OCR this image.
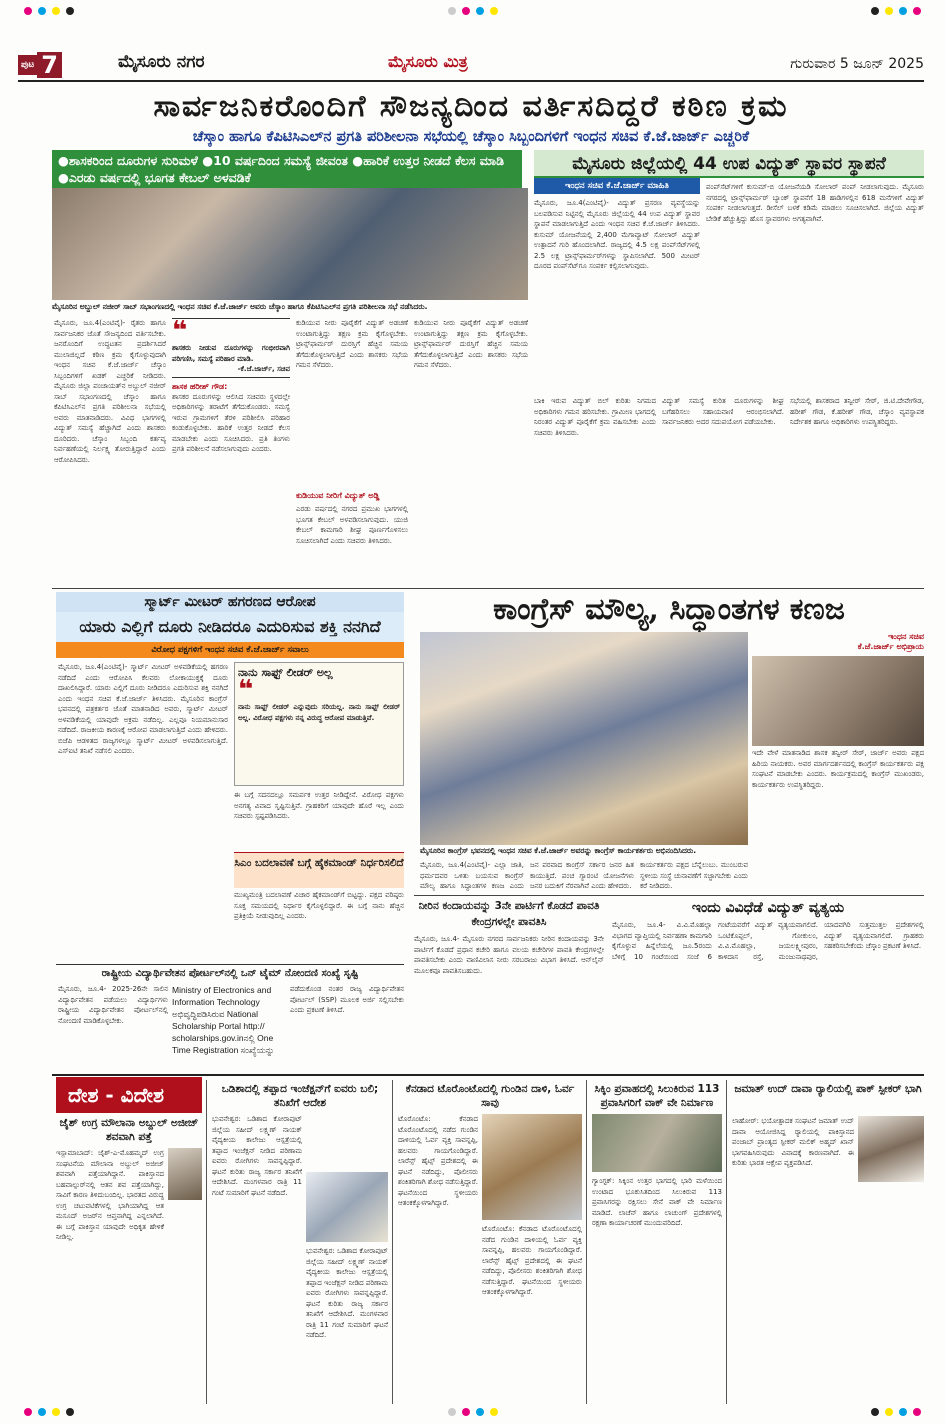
ಪುಟ 7	ಮೈಸೂರು ನಗರ	ಮೈಸೂರು ಮಿತ್ರ	ಗುರುವಾರ 5 ಜೂನ್ 2025
ಸಾರ್ವಜನಿಕರೊಂದಿಗೆ ಸೌಜನ್ಯದಿಂದ ವರ್ತಿಸದಿದ್ದರೆ ಕಠಿಣ ಕ್ರಮ
ಚೆಸ್ಕಾಂ ಹಾಗೂ ಕೆಪಿಟಿಸಿಎಲ್‌ನ ಪ್ರಗತಿ ಪರಿಶೀಲನಾ ಸಭೆಯಲ್ಲಿ ಚೆಸ್ಕಾಂ ಸಿಬ್ಬಂದಿಗಳಿಗೆ ಇಂಧನ ಸಚಿವ ಕೆ.ಜೆ.ಜಾರ್ಜ್ ಎಚ್ಚರಿಕೆ
●ಶಾಸಕರಿಂದ ದೂರುಗಳ ಸುರಿಮಳೆ ●10 ವರ್ಷದಿಂದ ಸಮಸ್ಯೆ ಜೀವಂತ ●ಹಾರಿಕೆ ಉತ್ತರ ನೀಡದೆ ಕೆಲಸ ಮಾಡಿ ●ಎರಡು ವರ್ಷದಲ್ಲಿ ಭೂಗತ ಕೇಬಲ್ ಅಳವಡಿಕೆ
ಮೈಸೂರಿನ ಅಬ್ದುಲ್ ನಜೀರ್ ಸಾಬ್ ಸಭಾಂಗಣದಲ್ಲಿ ಇಂಧನ ಸಚಿವ ಕೆ.ಜೆ.ಜಾರ್ಜ್ ಅವರು ಚೆಸ್ಕಾಂ ಹಾಗೂ ಕೆಪಿಟಿಸಿಎಲ್‌ನ ಪ್ರಗತಿ ಪರಿಶೀಲನಾ ಸಭೆ ನಡೆಸಿದರು.
ಮೈಸೂರು, ಜೂ.4(ಎಂಟಿವೈ)- ರೈತರು ಹಾಗೂ ಸಾರ್ವಜನಿಕರ ಜೊತೆ ಸೌಜನ್ಯದಿಂದ ವರ್ತಿಸಬೇಕು. ಜನರೊಂದಿಗೆ ಉದ್ಧಟತನ ಪ್ರದರ್ಶಿಸಿದರೆ ಮುಲಾಜಿಲ್ಲದೆ ಕಠಿಣ ಕ್ರಮ ಕೈಗೊಳ್ಳುವುದಾಗಿ ಇಂಧನ ಸಚಿವ ಕೆ.ಜೆ.ಜಾರ್ಜ್ ಚೆಸ್ಕಾಂ ಸಿಬ್ಬಂದಿಗಳಿಗೆ ಖಡಕ್ ಎಚ್ಚರಿಕೆ ನೀಡಿದರು. ಮೈಸೂರು ಜಿಲ್ಲಾ ಪಂಚಾಯತ್‌ನ ಅಬ್ದುಲ್ ನಜೀರ್ ಸಾಬ್ ಸಭಾಂಗಣದಲ್ಲಿ ಚೆಸ್ಕಾಂ ಹಾಗೂ ಕೆಪಿಟಿಸಿಎಲ್‌ನ ಪ್ರಗತಿ ಪರಿಶೀಲನಾ ಸಭೆಯಲ್ಲಿ ಅವರು ಮಾತನಾಡಿದರು. ವಿವಿಧ ಭಾಗಗಳಲ್ಲಿ ವಿದ್ಯುತ್ ಸಮಸ್ಯೆ ಹೆಚ್ಚಾಗಿದೆ ಎಂದು ಶಾಸಕರು ದೂರಿದರು. ಚೆಸ್ಕಾಂ ಸಿಬ್ಬಂದಿ ಕರ್ತವ್ಯ ನಿರ್ವಹಣೆಯಲ್ಲಿ ನಿರ್ಲಕ್ಷ್ಯ ತೋರುತ್ತಿದ್ದಾರೆ ಎಂದು ಆರೋಪಿಸಿದರು.
❝
ಶಾಸಕರು ನೀಡುವ ದೂರುಗಳನ್ನು ಗಂಭೀರವಾಗಿ ಪರಿಗಣಿಸಿ, ಸಮಸ್ಯೆ ಪರಿಹಾರ ಮಾಡಿ.
-ಕೆ.ಜೆ.ಜಾರ್ಜ್, ಸಚಿವ
ಶಾಸಕ ಹರೀಶ್ ಗೌಡ:
ಶಾಸಕರ ದೂರುಗಳನ್ನು ಆಲಿಸಿದ ಸಚಿವರು ಸ್ಥಳದಲ್ಲೇ ಅಧಿಕಾರಿಗಳನ್ನು ತರಾಟೆಗೆ ತೆಗೆದುಕೊಂಡರು. ಸಮಸ್ಯೆ ಇರುವ ಗ್ರಾಮಗಳಿಗೆ ತೆರಳಿ ಪರಿಶೀಲಿಸಿ ಪರಿಹಾರ ಕಂಡುಕೊಳ್ಳಬೇಕು. ಹಾರಿಕೆ ಉತ್ತರ ನೀಡದೆ ಕೆಲಸ ಮಾಡಬೇಕು ಎಂದು ಸೂಚಿಸಿದರು. ಪ್ರತಿ ತಿಂಗಳು ಪ್ರಗತಿ ಪರಿಶೀಲನೆ ನಡೆಸಲಾಗುವುದು ಎಂದರು.
ಕುಡಿಯುವ ನೀರು ಪೂರೈಕೆಗೆ ವಿದ್ಯುತ್ ಅಡಚಣೆ ಉಂಟಾಗುತ್ತಿದ್ದು ತಕ್ಷಣ ಕ್ರಮ ಕೈಗೊಳ್ಳಬೇಕು. ಟ್ರಾನ್ಸ್‌ಫಾರ್ಮರ್ ದುರಸ್ತಿಗೆ ಹೆಚ್ಚಿನ ಸಮಯ ತೆಗೆದುಕೊಳ್ಳಲಾಗುತ್ತಿದೆ ಎಂದು ಶಾಸಕರು ಸಭೆಯ ಗಮನ ಸೆಳೆದರು.
ಕುಡಿಯುವ ನೀರಿಗೆ ವಿದ್ಯುತ್ ಅಡ್ಡಿ
ಎರಡು ವರ್ಷದಲ್ಲಿ ನಗರದ ಪ್ರಮುಖ ಭಾಗಗಳಲ್ಲಿ ಭೂಗತ ಕೇಬಲ್ ಅಳವಡಿಸಲಾಗುವುದು. ಯುಜಿ ಕೇಬಲ್ ಕಾಮಗಾರಿ ಶೀಘ್ರ ಪೂರ್ಣಗೊಳಿಸಲು ಸೂಚಿಸಲಾಗಿದೆ ಎಂದು ಸಚಿವರು ತಿಳಿಸಿದರು.
ಕುಡಿಯುವ ನೀರು ಪೂರೈಕೆಗೆ ವಿದ್ಯುತ್ ಅಡಚಣೆ ಉಂಟಾಗುತ್ತಿದ್ದು ತಕ್ಷಣ ಕ್ರಮ ಕೈಗೊಳ್ಳಬೇಕು. ಟ್ರಾನ್ಸ್‌ಫಾರ್ಮರ್ ದುರಸ್ತಿಗೆ ಹೆಚ್ಚಿನ ಸಮಯ ತೆಗೆದುಕೊಳ್ಳಲಾಗುತ್ತಿದೆ ಎಂದು ಶಾಸಕರು ಸಭೆಯ ಗಮನ ಸೆಳೆದರು.
ಮೈಸೂರು ಜಿಲ್ಲೆಯಲ್ಲಿ 44 ಉಪ ವಿದ್ಯುತ್ ಸ್ಥಾವರ ಸ್ಥಾಪನೆ
ಇಂಧನ ಸಚಿವ ಕೆ.ಜೆ.ಜಾರ್ಜ್ ಮಾಹಿತಿ
ಮೈಸೂರು, ಜೂ.4(ಎಂಟಿವೈ)- ವಿದ್ಯುತ್ ಪ್ರಸರಣ ವ್ಯವಸ್ಥೆಯನ್ನು ಬಲಪಡಿಸುವ ನಿಟ್ಟಿನಲ್ಲಿ ಮೈಸೂರು ಜಿಲ್ಲೆಯಲ್ಲಿ 44 ಉಪ ವಿದ್ಯುತ್ ಸ್ಥಾವರ ಸ್ಥಾಪನೆ ಮಾಡಲಾಗುತ್ತಿದೆ ಎಂದು ಇಂಧನ ಸಚಿವ ಕೆ.ಜೆ.ಜಾರ್ಜ್ ತಿಳಿಸಿದರು. ಕುಸುಮ್ ಯೋಜನೆಯಲ್ಲಿ 2,400 ಮೆಗಾವ್ಯಾಟ್ ಸೋಲಾರ್ ವಿದ್ಯುತ್ ಉತ್ಪಾದನೆ ಗುರಿ ಹೊಂದಲಾಗಿದೆ. ರಾಜ್ಯದಲ್ಲಿ 4.5 ಲಕ್ಷ ಪಂಪ್‌ಸೆಟ್‌ಗಳಲ್ಲಿ 2.5 ಲಕ್ಷ ಟ್ರಾನ್ಸ್‌ಫಾರ್ಮರ್‌ಗಳನ್ನು ಸ್ಥಾಪಿಸಲಾಗಿದೆ. 500 ಮೀಟರ್ ದೂರದ ಪಂಪ್‌ಸೆಟ್‌ಗೂ ಸಂಪರ್ಕ ಕಲ್ಪಿಸಲಾಗುವುದು.
ಪಂಪ್‌ಸೆಟ್‌ಗಳಿಗೆ ಕುಸುಮ್-ಬಿ ಯೋಜನೆಯಡಿ ಸೋಲಾರ್ ಪಂಪ್ ನೀಡಲಾಗುವುದು. ಮೈಸೂರು ನಗರದಲ್ಲಿ ಟ್ರಾನ್ಸ್‌ಫಾರ್ಮರ್ ಬ್ಯಾಂಕ್ ಸ್ಥಾಪನೆಗೆ 18 ಹಾಡಿಗಳಲ್ಲಿನ 618 ಮನೆಗಳಿಗೆ ವಿದ್ಯುತ್ ಸಂಪರ್ಕ ನೀಡಲಾಗುತ್ತದೆ. ಡೀಸೆಲ್ ಬಳಕೆ ಕಡಿಮೆ ಮಾಡಲು ಸೂಚಿಸಲಾಗಿದೆ. ಜಿಲ್ಲೆಯ ವಿದ್ಯುತ್ ಬೇಡಿಕೆ ಹೆಚ್ಚುತ್ತಿದ್ದು ಹೊಸ ಸ್ಥಾವರಗಳು ಅಗತ್ಯವಾಗಿವೆ.
ಬಾಕಿ ಇರುವ ವಿದ್ಯುತ್ ಬಿಲ್ ಕುರಿತು ನಿಗಮದ ಅಧಿಕಾರಿಗಳು ಗಮನ ಹರಿಸಬೇಕು. ಗ್ರಾಮೀಣ ಭಾಗದಲ್ಲಿ ನಿರಂತರ ವಿದ್ಯುತ್ ಪೂರೈಕೆಗೆ ಕ್ರಮ ವಹಿಸಬೇಕು ಎಂದು ಸಚಿವರು ತಿಳಿಸಿದರು.
ವಿದ್ಯುತ್ ಸಮಸ್ಯೆ ಕುರಿತ ದೂರುಗಳನ್ನು ಶೀಘ್ರ ಬಗೆಹರಿಸಲು ಸಹಾಯವಾಣಿ ಆರಂಭಿಸಲಾಗಿದೆ. ಸಾರ್ವಜನಿಕರು ಅದರ ಸದುಪಯೋಗ ಪಡೆಯಬೇಕು.
ಸಭೆಯಲ್ಲಿ ಶಾಸಕರಾದ ತನ್ವೀರ್ ಸೇಠ್, ಜಿ.ಟಿ.ದೇವೇಗೌಡ, ಹರೀಶ್ ಗೌಡ, ಕೆ.ಹರೀಶ್ ಗೌಡ, ಚೆಸ್ಕಾಂ ವ್ಯವಸ್ಥಾಪಕ ನಿರ್ದೇಶಕ ಹಾಗೂ ಅಧಿಕಾರಿಗಳು ಉಪಸ್ಥಿತರಿದ್ದರು.
ಸ್ಮಾರ್ಟ್ ಮೀಟರ್ ಹಗರಣದ ಆರೋಪ
ಯಾರು ಎಲ್ಲಿಗೆ ದೂರು ನೀಡಿದರೂ ಎದುರಿಸುವ ಶಕ್ತಿ ನನಗಿದೆ
ವಿರೋಧ ಪಕ್ಷಗಳಿಗೆ ಇಂಧನ ಸಚಿವ ಕೆ.ಜೆ.ಜಾರ್ಜ್ ಸವಾಲು
ಮೈಸೂರು, ಜೂ.4(ಎಂಟಿವೈ)- ಸ್ಮಾರ್ಟ್ ಮೀಟರ್ ಅಳವಡಿಕೆಯಲ್ಲಿ ಹಗರಣ ನಡೆದಿದೆ ಎಂದು ಆರೋಪಿಸಿ ಕೆಲವರು ಲೋಕಾಯುಕ್ತಕ್ಕೆ ದೂರು ದಾಖಲಿಸಿದ್ದಾರೆ. ಯಾರು ಎಲ್ಲಿಗೆ ದೂರು ನೀಡಿದರೂ ಎದುರಿಸುವ ಶಕ್ತಿ ನನಗಿದೆ ಎಂದು ಇಂಧನ ಸಚಿವ ಕೆ.ಜೆ.ಜಾರ್ಜ್ ತಿಳಿಸಿದರು. ಮೈಸೂರಿನ ಕಾಂಗ್ರೆಸ್ ಭವನದಲ್ಲಿ ಪತ್ರಕರ್ತರ ಜೊತೆ ಮಾತನಾಡಿದ ಅವರು, ಸ್ಮಾರ್ಟ್ ಮೀಟರ್ ಅಳವಡಿಕೆಯಲ್ಲಿ ಯಾವುದೇ ಅಕ್ರಮ ನಡೆದಿಲ್ಲ. ಎಲ್ಲವೂ ನಿಯಮಾನುಸಾರ ನಡೆದಿದೆ. ರಾಜಕೀಯ ಕಾರಣಕ್ಕೆ ಆರೋಪ ಮಾಡಲಾಗುತ್ತಿದೆ ಎಂದು ಹೇಳಿದರು. ಬಿಜೆಪಿ ಆಡಳಿತದ ರಾಜ್ಯಗಳಲ್ಲೂ ಸ್ಮಾರ್ಟ್ ಮೀಟರ್ ಅಳವಡಿಸಲಾಗುತ್ತಿದೆ. ಎಸ್‌ಐಟಿ ತನಿಖೆ ನಡೆಸಲಿ ಎಂದರು.
ನಾನು ಸಾಫ್ಟ್ ಲೀಡರ್ ಅಲ್ಲ
❝
ನಾನು ಸಾಫ್ಟ್ ಲೀಡರ್ ಎನ್ನುವುದು ಸರಿಯಲ್ಲ. ನಾನು ಸಾಫ್ಟ್ ಲೀಡರ್ ಅಲ್ಲ. ವಿರೋಧ ಪಕ್ಷಗಳು ನನ್ನ ವಿರುದ್ಧ ಆರೋಪ ಮಾಡುತ್ತಿವೆ.
ಈ ಬಗ್ಗೆ ಸದನದಲ್ಲೂ ಸಮರ್ಪಕ ಉತ್ತರ ನೀಡಿದ್ದೇನೆ. ವಿರೋಧ ಪಕ್ಷಗಳು ಅನಗತ್ಯ ವಿವಾದ ಸೃಷ್ಟಿಸುತ್ತಿವೆ. ಗ್ರಾಹಕರಿಗೆ ಯಾವುದೇ ಹೊರೆ ಇಲ್ಲ ಎಂದು ಸಚಿವರು ಸ್ಪಷ್ಟಪಡಿಸಿದರು.
ಸಿಎಂ ಬದಲಾವಣೆ ಬಗ್ಗೆ ಹೈಕಮಾಂಡ್ ನಿರ್ಧರಿಸಲಿದೆ
ಮುಖ್ಯಮಂತ್ರಿ ಬದಲಾವಣೆ ವಿಚಾರ ಹೈಕಮಾಂಡ್‌ಗೆ ಬಿಟ್ಟದ್ದು. ಪಕ್ಷದ ವರಿಷ್ಠರು ಸೂಕ್ತ ಸಮಯದಲ್ಲಿ ನಿರ್ಧಾರ ಕೈಗೊಳ್ಳಲಿದ್ದಾರೆ. ಈ ಬಗ್ಗೆ ನಾನು ಹೆಚ್ಚಿನ ಪ್ರತಿಕ್ರಿಯೆ ನೀಡುವುದಿಲ್ಲ ಎಂದರು.
ರಾಷ್ಟ್ರೀಯ ವಿದ್ಯಾರ್ಥಿವೇತನ ಪೋರ್ಟಲ್‌ನಲ್ಲಿ ಒನ್ ಟೈಮ್ ನೋಂದಣಿ ಸಂಖ್ಯೆ ಸೃಷ್ಟಿ
ಮೈಸೂರು, ಜೂ.4- 2025-26ನೇ ಸಾಲಿನ ವಿದ್ಯಾರ್ಥಿವೇತನ ಪಡೆಯಲು ವಿದ್ಯಾರ್ಥಿಗಳು ರಾಷ್ಟ್ರೀಯ ವಿದ್ಯಾರ್ಥಿವೇತನ ಪೋರ್ಟಲ್‌ನಲ್ಲಿ ನೋಂದಣಿ ಮಾಡಿಕೊಳ್ಳಬೇಕು.
Ministry of Electronics and Information Technology ಅಭಿವೃದ್ಧಿಪಡಿಸಿರುವ National Scholarship Portal http:// scholarships.gov.inನಲ್ಲಿ One Time Registration ಸಂಖ್ಯೆಯನ್ನು
ಪಡೆದುಕೊಂಡ ನಂತರ ರಾಜ್ಯ ವಿದ್ಯಾರ್ಥಿವೇತನ ಪೋರ್ಟಲ್ (SSP) ಮೂಲಕ ಅರ್ಜಿ ಸಲ್ಲಿಸಬೇಕು ಎಂದು ಪ್ರಕಟಣೆ ತಿಳಿಸಿದೆ.
ಕಾಂಗ್ರೆಸ್ ಮೌಲ್ಯ, ಸಿದ್ಧಾಂತಗಳ ಕಣಜ
ಇಂಧನ ಸಚಿವ
ಕೆ.ಜೆ.ಜಾರ್ಜ್ ಅಭಿಪ್ರಾಯ
ಇದೇ ವೇಳೆ ಮಾತನಾಡಿದ ಶಾಸಕ ತನ್ವೀರ್ ಸೇಠ್, ಜಾರ್ಜ್ ಅವರು ಪಕ್ಷದ ಹಿರಿಯ ನಾಯಕರು. ಅವರ ಮಾರ್ಗದರ್ಶನದಲ್ಲಿ ಕಾಂಗ್ರೆಸ್ ಕಾರ್ಯಕರ್ತರು ಪಕ್ಷ ಸಂಘಟನೆ ಮಾಡಬೇಕು ಎಂದರು. ಕಾರ್ಯಕ್ರಮದಲ್ಲಿ ಕಾಂಗ್ರೆಸ್ ಮುಖಂಡರು, ಕಾರ್ಯಕರ್ತರು ಉಪಸ್ಥಿತರಿದ್ದರು.
ಮೈಸೂರಿನ ಕಾಂಗ್ರೆಸ್ ಭವನದಲ್ಲಿ ಇಂಧನ ಸಚಿವ ಕೆ.ಜೆ.ಜಾರ್ಜ್ ಅವರನ್ನು ಕಾಂಗ್ರೆಸ್ ಕಾರ್ಯಕರ್ತರು ಅಭಿನಂದಿಸಿದರು.
ಮೈಸೂರು, ಜೂ.4(ಎಂಟಿವೈ)- ಎಲ್ಲಾ ಜಾತಿ, ಧರ್ಮದವರ ಒಳಿತು ಬಯಸುವ ಕಾಂಗ್ರೆಸ್ ಮೌಲ್ಯ ಹಾಗೂ ಸಿದ್ಧಾಂತಗಳ ಕಣಜ ಎಂದು
ಜನ ಪರವಾದ ಕಾಂಗ್ರೆಸ್ ಸರ್ಕಾರ ಜನರ ಹಿತ ಕಾಯುತ್ತಿದೆ. ಪಂಚ ಗ್ಯಾರಂಟಿ ಯೋಜನೆಗಳು ಜನರ ಬದುಕಿಗೆ ನೆರವಾಗಿವೆ ಎಂದು ಹೇಳಿದರು.
ಕಾರ್ಯಕರ್ತರು ಪಕ್ಷದ ಬೆನ್ನೆಲುಬು. ಮುಂಬರುವ ಸ್ಥಳೀಯ ಸಂಸ್ಥೆ ಚುನಾವಣೆಗೆ ಸಜ್ಜಾಗಬೇಕು ಎಂದು ಕರೆ ನೀಡಿದರು.
ನೀರಿನ ಕಂದಾಯವನ್ನು 3ನೇ ಪಾರ್ಟಿಗೆ ಕೊಡದೆ ಪಾವತಿ ಕೇಂದ್ರಗಳಲ್ಲೇ ಪಾವತಿಸಿ
ಮೈಸೂರು, ಜೂ.4- ಮೈಸೂರು ನಗರದ ಸಾರ್ವಜನಿಕರು ನೀರಿನ ಕಂದಾಯವನ್ನು 3ನೇ ಪಾರ್ಟಿಗೆ ಕೊಡದೆ ಪ್ರಧಾನ ಕಚೇರಿ ಹಾಗೂ ವಲಯ ಕಚೇರಿಗಳ ಪಾವತಿ ಕೇಂದ್ರಗಳಲ್ಲೇ ಪಾವತಿಸಬೇಕು ಎಂದು ವಾಣಿವಿಲಾಸ ನೀರು ಸರಬರಾಜು ವಿಭಾಗ ತಿಳಿಸಿದೆ. ಆನ್‌ಲೈನ್ ಮೂಲಕವೂ ಪಾವತಿಸಬಹುದು.
ಇಂದು ವಿವಿಧೆಡೆ ವಿದ್ಯುತ್ ವ್ಯತ್ಯಯ
ಮೈಸೂರು, ಜೂ.4- ವಿ.ವಿ.ಮೊಹಲ್ಲಾ ವಿಭಾಗದ ವ್ಯಾಪ್ತಿಯಲ್ಲಿ ನಿರ್ವಹಣಾ ಕಾಮಗಾರಿ ಕೈಗೊಳ್ಳುವ ಹಿನ್ನೆಲೆಯಲ್ಲಿ ಜೂ.5ರಂದು ಬೆಳಿಗ್ಗೆ 10 ಗಂಟೆಯಿಂದ ಸಂಜೆ 6 ಗಂಟೆಯವರೆಗೆ ವಿದ್ಯುತ್ ವ್ಯತ್ಯಯವಾಗಲಿದೆ. ಒಂಟಿಕೊಪ್ಪಲ್, ಗೋಕುಲಂ, ವಿ.ವಿ.ಮೊಹಲ್ಲಾ, ಜಯಲಕ್ಷ್ಮೀಪುರಂ, ಕಾಳಿದಾಸ ರಸ್ತೆ, ಮಂಜುನಾಥಪುರ, ಯಾದವಗಿರಿ ಸುತ್ತಮುತ್ತಲ ಪ್ರದೇಶಗಳಲ್ಲಿ ವಿದ್ಯುತ್ ವ್ಯತ್ಯಯವಾಗಲಿದೆ. ಗ್ರಾಹಕರು ಸಹಕರಿಸಬೇಕೆಂದು ಚೆಸ್ಕಾಂ ಪ್ರಕಟಣೆ ತಿಳಿಸಿದೆ.
ದೇಶ - ವಿದೇಶ
ಜೈಶ್ ಉಗ್ರ ಮೌಲಾನಾ ಅಬ್ದುಲ್ ಅಜೀಜ್ ಶವವಾಗಿ ಪತ್ತೆ
ಇಸ್ಲಾಮಾಬಾದ್: ಜೈಶ್-ಎ-ಮೊಹಮ್ಮದ್ ಉಗ್ರ ಸಂಘಟನೆಯ ಮೌಲಾನಾ ಅಬ್ದುಲ್ ಅಜೀಜ್ ಶವವಾಗಿ ಪತ್ತೆಯಾಗಿದ್ದಾನೆ. ಪಾಕಿಸ್ತಾನದ ಬಹವಾಲ್ಪುರ್‌ನಲ್ಲಿ ಆತನ ಶವ ಪತ್ತೆಯಾಗಿದ್ದು, ಸಾವಿಗೆ ಕಾರಣ ತಿಳಿದುಬಂದಿಲ್ಲ. ಭಾರತದ ವಿರುದ್ಧ ಉಗ್ರ ಚಟುವಟಿಕೆಗಳಲ್ಲಿ ಭಾಗಿಯಾಗಿದ್ದ ಆತ ಮಸೂದ್ ಅಜರ್‌ನ ಆಪ್ತನಾಗಿದ್ದ ಎನ್ನಲಾಗಿದೆ. ಈ ಬಗ್ಗೆ ಪಾಕಿಸ್ತಾನ ಯಾವುದೇ ಅಧಿಕೃತ ಹೇಳಿಕೆ ನೀಡಿಲ್ಲ.
ಒಡಿಶಾದಲ್ಲಿ ತಪ್ಪಾದ ಇಂಜೆಕ್ಷನ್‌ಗೆ ಐವರು ಬಲಿ; ತನಿಖೆಗೆ ಆದೇಶ
ಭುವನೇಶ್ವರ: ಒಡಿಶಾದ ಕೋರಾಪುಟ್ ಜಿಲ್ಲೆಯ ಸಹೀದ್ ಲಕ್ಷ್ಮಣ್ ನಾಯಕ್ ವೈದ್ಯಕೀಯ ಕಾಲೇಜು ಆಸ್ಪತ್ರೆಯಲ್ಲಿ ತಪ್ಪಾದ ಇಂಜೆಕ್ಷನ್ ನೀಡಿದ ಪರಿಣಾಮ ಐವರು ರೋಗಿಗಳು ಸಾವನ್ನಪ್ಪಿದ್ದಾರೆ. ಘಟನೆ ಕುರಿತು ರಾಜ್ಯ ಸರ್ಕಾರ ತನಿಖೆಗೆ ಆದೇಶಿಸಿದೆ. ಮಂಗಳವಾರ ರಾತ್ರಿ 11 ಗಂಟೆ ಸುಮಾರಿಗೆ ಘಟನೆ ನಡೆದಿದೆ.
ಭುವನೇಶ್ವರ: ಒಡಿಶಾದ ಕೋರಾಪುಟ್ ಜಿಲ್ಲೆಯ ಸಹೀದ್ ಲಕ್ಷ್ಮಣ್ ನಾಯಕ್ ವೈದ್ಯಕೀಯ ಕಾಲೇಜು ಆಸ್ಪತ್ರೆಯಲ್ಲಿ ತಪ್ಪಾದ ಇಂಜೆಕ್ಷನ್ ನೀಡಿದ ಪರಿಣಾಮ ಐವರು ರೋಗಿಗಳು ಸಾವನ್ನಪ್ಪಿದ್ದಾರೆ. ಘಟನೆ ಕುರಿತು ರಾಜ್ಯ ಸರ್ಕಾರ ತನಿಖೆಗೆ ಆದೇಶಿಸಿದೆ. ಮಂಗಳವಾರ ರಾತ್ರಿ 11 ಗಂಟೆ ಸುಮಾರಿಗೆ ಘಟನೆ ನಡೆದಿದೆ.
ಕೆನಡಾದ ಟೊರೊಂಟೊದಲ್ಲಿ ಗುಂಡಿನ ದಾಳಿ, ಓರ್ವ ಸಾವು
ಟೊರೊಂಟೊ: ಕೆನಡಾದ ಟೊರೊಂಟೊದಲ್ಲಿ ನಡೆದ ಗುಂಡಿನ ದಾಳಿಯಲ್ಲಿ ಓರ್ವ ವ್ಯಕ್ತಿ ಸಾವನ್ನಪ್ಪಿ, ಹಲವರು ಗಾಯಗೊಂಡಿದ್ದಾರೆ. ಲಾರೆನ್ಸ್ ಹೈಟ್ಸ್ ಪ್ರದೇಶದಲ್ಲಿ ಈ ಘಟನೆ ನಡೆದಿದ್ದು, ಪೊಲೀಸರು ಶಂಕಿತರಿಗಾಗಿ ಶೋಧ ನಡೆಸುತ್ತಿದ್ದಾರೆ. ಘಟನೆಯಿಂದ ಸ್ಥಳೀಯರು ಆತಂಕಕ್ಕೊಳಗಾಗಿದ್ದಾರೆ.
ಟೊರೊಂಟೊ: ಕೆನಡಾದ ಟೊರೊಂಟೊದಲ್ಲಿ ನಡೆದ ಗುಂಡಿನ ದಾಳಿಯಲ್ಲಿ ಓರ್ವ ವ್ಯಕ್ತಿ ಸಾವನ್ನಪ್ಪಿ, ಹಲವರು ಗಾಯಗೊಂಡಿದ್ದಾರೆ. ಲಾರೆನ್ಸ್ ಹೈಟ್ಸ್ ಪ್ರದೇಶದಲ್ಲಿ ಈ ಘಟನೆ ನಡೆದಿದ್ದು, ಪೊಲೀಸರು ಶಂಕಿತರಿಗಾಗಿ ಶೋಧ ನಡೆಸುತ್ತಿದ್ದಾರೆ. ಘಟನೆಯಿಂದ ಸ್ಥಳೀಯರು ಆತಂಕಕ್ಕೊಳಗಾಗಿದ್ದಾರೆ.
ಸಿಕ್ಕಿಂ ಪ್ರವಾಹದಲ್ಲಿ ಸಿಲುಕಿರುವ 113 ಪ್ರವಾಸಿಗರಿಗೆ ವಾಕ್ ವೇ ನಿರ್ಮಾಣ
ಗ್ಯಾಂಗ್ಟಕ್: ಸಿಕ್ಕಿಂನ ಉತ್ತರ ಭಾಗದಲ್ಲಿ ಭಾರಿ ಮಳೆಯಿಂದ ಉಂಟಾದ ಭೂಕುಸಿತದಿಂದ ಸಿಲುಕಿರುವ 113 ಪ್ರವಾಸಿಗರನ್ನು ರಕ್ಷಿಸಲು ಸೇನೆ ವಾಕ್ ವೇ ನಿರ್ಮಾಣ ಮಾಡಿದೆ. ಲಾಚೆನ್ ಹಾಗೂ ಲಾಚುಂಗ್ ಪ್ರದೇಶಗಳಲ್ಲಿ ರಕ್ಷಣಾ ಕಾರ್ಯಾಚರಣೆ ಮುಂದುವರಿದಿದೆ.
ಜಮಾತ್ ಉದ್ ದಾವಾ ರ್‍ಯಾಲಿಯಲ್ಲಿ ಪಾಕ್ ಸ್ಪೀಕರ್ ಭಾಗಿ
ಲಾಹೋರ್: ಭಯೋತ್ಪಾದಕ ಸಂಘಟನೆ ಜಮಾತ್ ಉದ್ ದಾವಾ ಆಯೋಜಿಸಿದ್ದ ರ್‍ಯಾಲಿಯಲ್ಲಿ ಪಾಕಿಸ್ತಾನದ ಪಂಜಾಬ್ ಪ್ರಾಂತ್ಯದ ಸ್ಪೀಕರ್ ಮಲಿಕ್ ಅಹ್ಮದ್ ಖಾನ್ ಭಾಗವಹಿಸಿರುವುದು ವಿವಾದಕ್ಕೆ ಕಾರಣವಾಗಿದೆ. ಈ ಕುರಿತು ಭಾರತ ಆಕ್ಷೇಪ ವ್ಯಕ್ತಪಡಿಸಿದೆ.
